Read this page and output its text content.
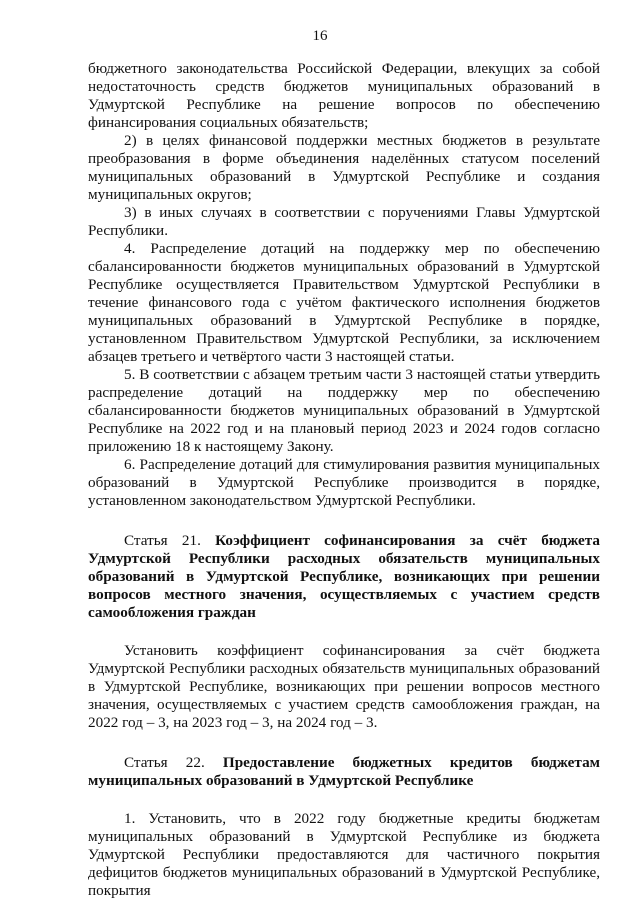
16

бюджетного законодательства Российской Федерации, влекущих за собой недостаточность средств бюджетов муниципальных образований в Удмуртской Республике на решение вопросов по обеспечению финансирования социальных обязательств;

2) в целях финансовой поддержки местных бюджетов в результате преобразования в форме объединения наделённых статусом поселений муниципальных образований в Удмуртской Республике и создания муниципальных округов;

3) в иных случаях в соответствии с поручениями Главы Удмуртской Республики.

4. Распределение дотаций на поддержку мер по обеспечению сбалансированности бюджетов муниципальных образований в Удмуртской Республике осуществляется Правительством Удмуртской Республики в течение финансового года с учётом фактического исполнения бюджетов муниципальных образований в Удмуртской Республике в порядке, установленном Правительством Удмуртской Республики, за исключением абзацев третьего и четвёртого части 3 настоящей статьи.

5. В соответствии с абзацем третьим части 3 настоящей статьи утвердить распределение дотаций на поддержку мер по обеспечению сбалансированности бюджетов муниципальных образований в Удмуртской Республике на 2022 год и на плановый период 2023 и 2024 годов согласно приложению 18 к настоящему Закону.

6. Распределение дотаций для стимулирования развития муниципальных образований в Удмуртской Республике производится в порядке, установленном законодательством Удмуртской Республики.

Статья 21. Коэффициент софинансирования за счёт бюджета Удмуртской Республики расходных обязательств муниципальных образований в Удмуртской Республике, возникающих при решении вопросов местного значения, осуществляемых с участием средств самообложения граждан

Установить коэффициент софинансирования за счёт бюджета Удмуртской Республики расходных обязательств муниципальных образований в Удмуртской Республике, возникающих при решении вопросов местного значения, осуществляемых с участием средств самообложения граждан, на 2022 год – 3, на 2023 год – 3, на 2024 год – 3.

Статья 22. Предоставление бюджетных кредитов бюджетам муниципальных образований в Удмуртской Республике

1. Установить, что в 2022 году бюджетные кредиты бюджетам муниципальных образований в Удмуртской Республике из бюджета Удмуртской Республики предоставляются для частичного покрытия дефицитов бюджетов муниципальных образований в Удмуртской Республике, покрытия
